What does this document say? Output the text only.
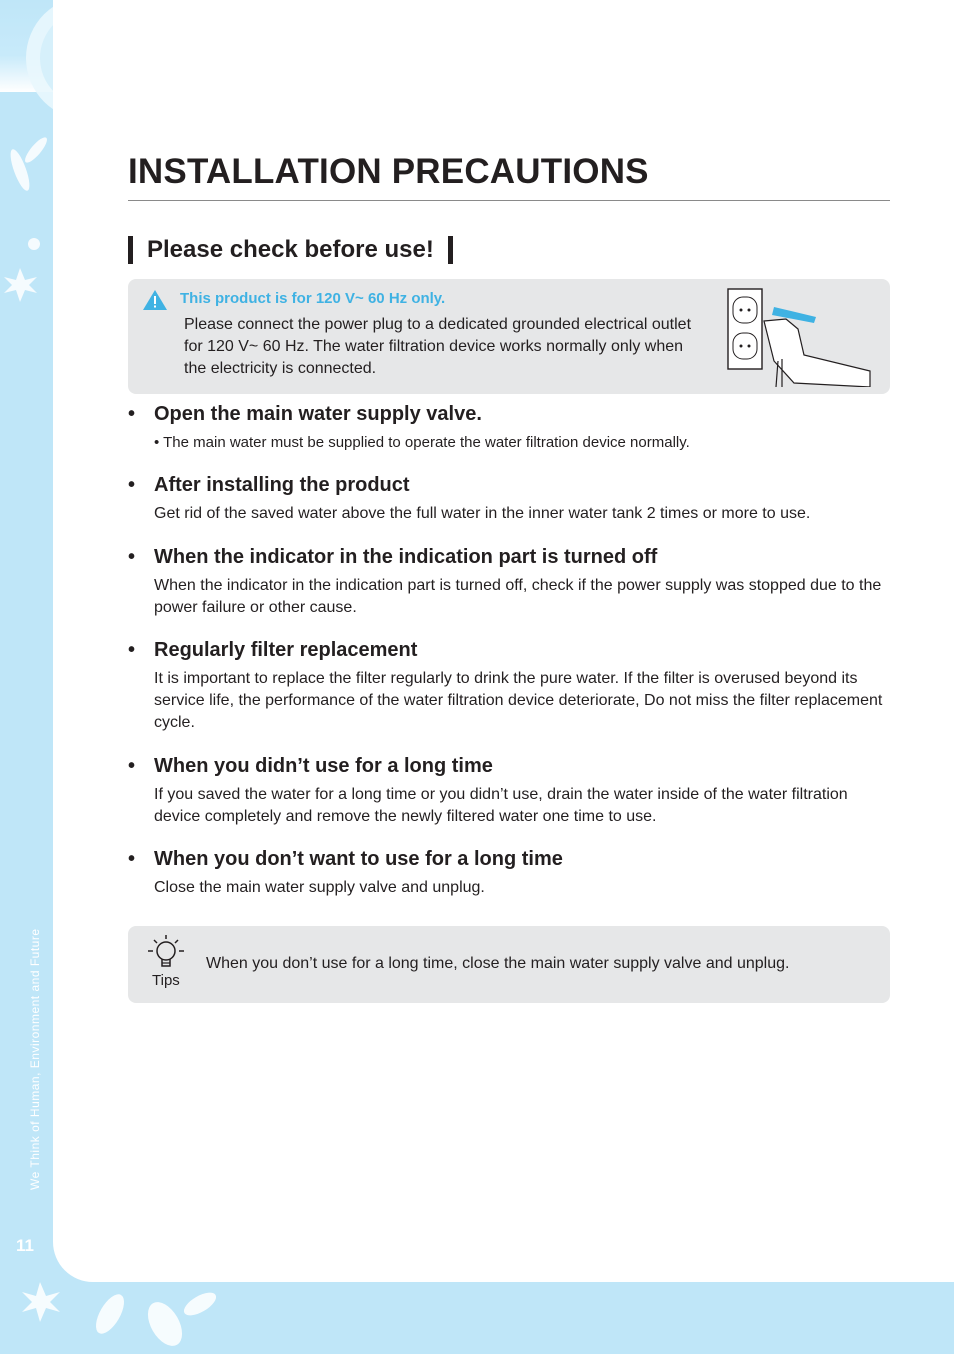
We Think of Human, Environment and Future
11
INSTALLATION PRECAUTIONS
Please check before use!
This product is for 120 V~ 60 Hz only.
Please connect the power plug to a dedicated grounded electrical outlet for 120 V~ 60 Hz. The water filtration device works normally only when the electricity is connected.
• Open the main water supply valve.
• The main water must be supplied to operate the water filtration device normally.
• After installing the product
Get rid of the saved water above the full water in the inner water tank 2 times or more to use.
• When the indicator in the indication part is turned off
When the indicator in the indication part is turned off, check if the power supply was stopped due to the power failure or other cause.
• Regularly filter replacement
It is important to replace the filter regularly to drink the pure water. If the filter is overused beyond its service life, the performance of the water filtration device deteriorate, Do not miss the filter replacement cycle.
• When you didn’t use for a long time
If you saved the water for a long time or you didn’t use, drain the water inside of the water filtration device completely and remove the newly filtered water one time to use.
• When you don’t want to use for a long time
Close the main water supply valve and unplug.
Tips
When you don’t use for a long time, close the main water supply valve and unplug.
